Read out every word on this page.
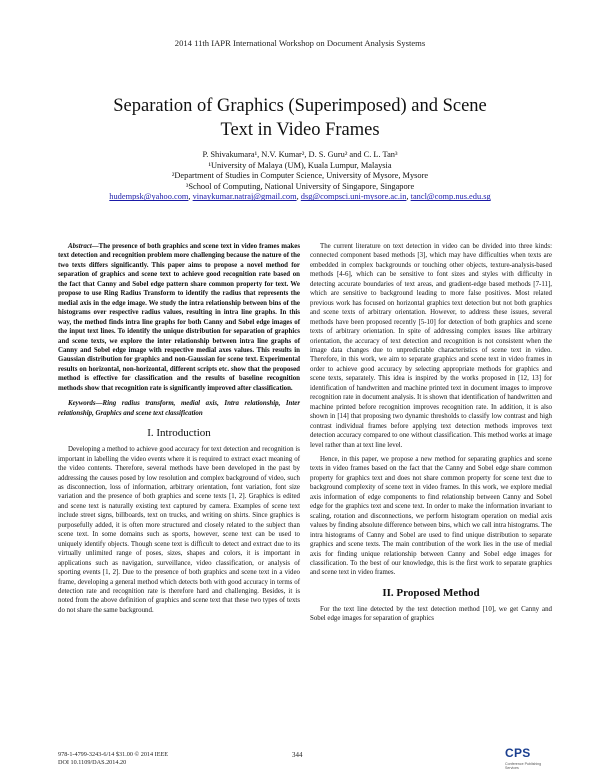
2014 11th IAPR International Workshop on Document Analysis Systems
Separation of Graphics (Superimposed) and Scene
Text in Video Frames
P. Shivakumara¹, N.V. Kumar², D. S. Guru² and C. L. Tan³
¹University of Malaya (UM), Kuala Lumpur, Malaysia
²Department of Studies in Computer Science, University of Mysore, Mysore
³School of Computing, National University of Singapore, Singapore
hudempsk@yahoo.com, vinaykumar.natraj@gmail.com, dsg@compsci.uni-mysore.ac.in, tancl@comp.nus.edu.sg

Abstract—The presence of both graphics and scene text in video frames makes text detection and recognition problem more challenging because the nature of the two texts differs significantly. This paper aims to propose a novel method for separation of graphics and scene text to achieve good recognition rate based on the fact that Canny and Sobel edge pattern share common property for text. We propose to use Ring Radius Transform to identify the radius that represents the medial axis in the edge image. We study the intra relationship between bins of the histograms over respective radius values, resulting in intra line graphs. In this way, the method finds intra line graphs for both Canny and Sobel edge images of the input text lines. To identify the unique distribution for separation of graphics and scene texts, we explore the inter relationship between intra line graphs of Canny and Sobel edge image with respective medial axes values. This results in Gaussian distribution for graphics and non-Gaussian for scene text. Experimental results on horizontal, non-horizontal, different scripts etc. show that the proposed method is effective for classification and the results of baseline recognition methods show that recognition rate is significantly improved after classification.

Keywords—Ring radius transform, medial axis, Intra relationship, Inter relationship, Graphics and scene text classification

I. Introduction

Developing a method to achieve good accuracy for text detection and recognition is important in labelling the video events where it is required to extract exact meaning of the video contents. Therefore, several methods have been developed in the past by addressing the causes posed by low resolution and complex background of video, such as disconnection, loss of information, arbitrary orientation, font variation, font size variation and the presence of both graphics and scene texts [1, 2]. Graphics is edited and scene text is naturally existing text captured by camera. Examples of scene text include street signs, billboards, text on trucks, and writing on shirts. Since graphics is purposefully added, it is often more structured and closely related to the subject than scene text. In some domains such as sports, however, scene text can be used to uniquely identify objects. Though scene text is difficult to detect and extract due to its virtually unlimited range of poses, sizes, shapes and colors, it is important in applications such as navigation, surveillance, video classification, or analysis of sporting events [1, 2]. Due to the presence of both graphics and scene text in a video frame, developing a general method which detects both with good accuracy in terms of detection rate and recognition rate is therefore hard and challenging. Besides, it is noted from the above definition of graphics and scene text that these two types of texts do not share the same background.

The current literature on text detection in video can be divided into three kinds: connected component based methods [3], which may have difficulties when texts are embedded in complex backgrounds or touching other objects, texture-analysis-based methods [4-6], which can be sensitive to font sizes and styles with difficulty in detecting accurate boundaries of text areas, and gradient-edge based methods [7-11], which are sensitive to background leading to more false positives. Most related previous work has focused on horizontal graphics text detection but not both graphics and scene texts of arbitrary orientation. However, to address these issues, several methods have been proposed recently [5-10] for detection of both graphics and scene texts of arbitrary orientation. In spite of addressing complex issues like arbitrary orientation, the accuracy of text detection and recognition is not consistent when the image data changes due to unpredictable characteristics of scene text in video. Therefore, in this work, we aim to separate graphics and scene text in video frames in order to achieve good accuracy by selecting appropriate methods for graphics and scene texts, separately. This idea is inspired by the works proposed in [12, 13] for identification of handwritten and machine printed text in document images to improve recognition rate in document analysis. It is shown that identification of handwritten and machine printed before recognition improves recognition rate. In addition, it is also shown in [14] that proposing two dynamic thresholds to classify low contrast and high contrast individual frames before applying text detection methods improves text detection accuracy compared to one without classification. This method works at image level rather than at text line level.

Hence, in this paper, we propose a new method for separating graphics and scene texts in video frames based on the fact that the Canny and Sobel edge share common property for graphics text and does not share common property for scene text due to background complexity of scene text in video frames. In this work, we explore medial axis information of edge components to find relationship between Canny and Sobel edge for the graphics text and scene text. In order to make the information invariant to scaling, rotation and disconnections, we perform histogram operation on medial axis values by finding absolute difference between bins, which we call intra histograms. The intra histograms of Canny and Sobel are used to find unique distribution to separate graphics and scene texts. The main contribution of the work lies in the use of medial axis for finding unique relationship between Canny and Sobel edge images for classification. To the best of our knowledge, this is the first work to separate graphics and scene text in video frames.

II. Proposed Method

For the text line detected by the text detection method [10], we get Canny and Sobel edge images for separation of graphics

978-1-4799-3243-6/14 $31.00 © 2014 IEEE
DOI 10.1109/DAS.2014.20
344	CPS
Conference Publishing Services
